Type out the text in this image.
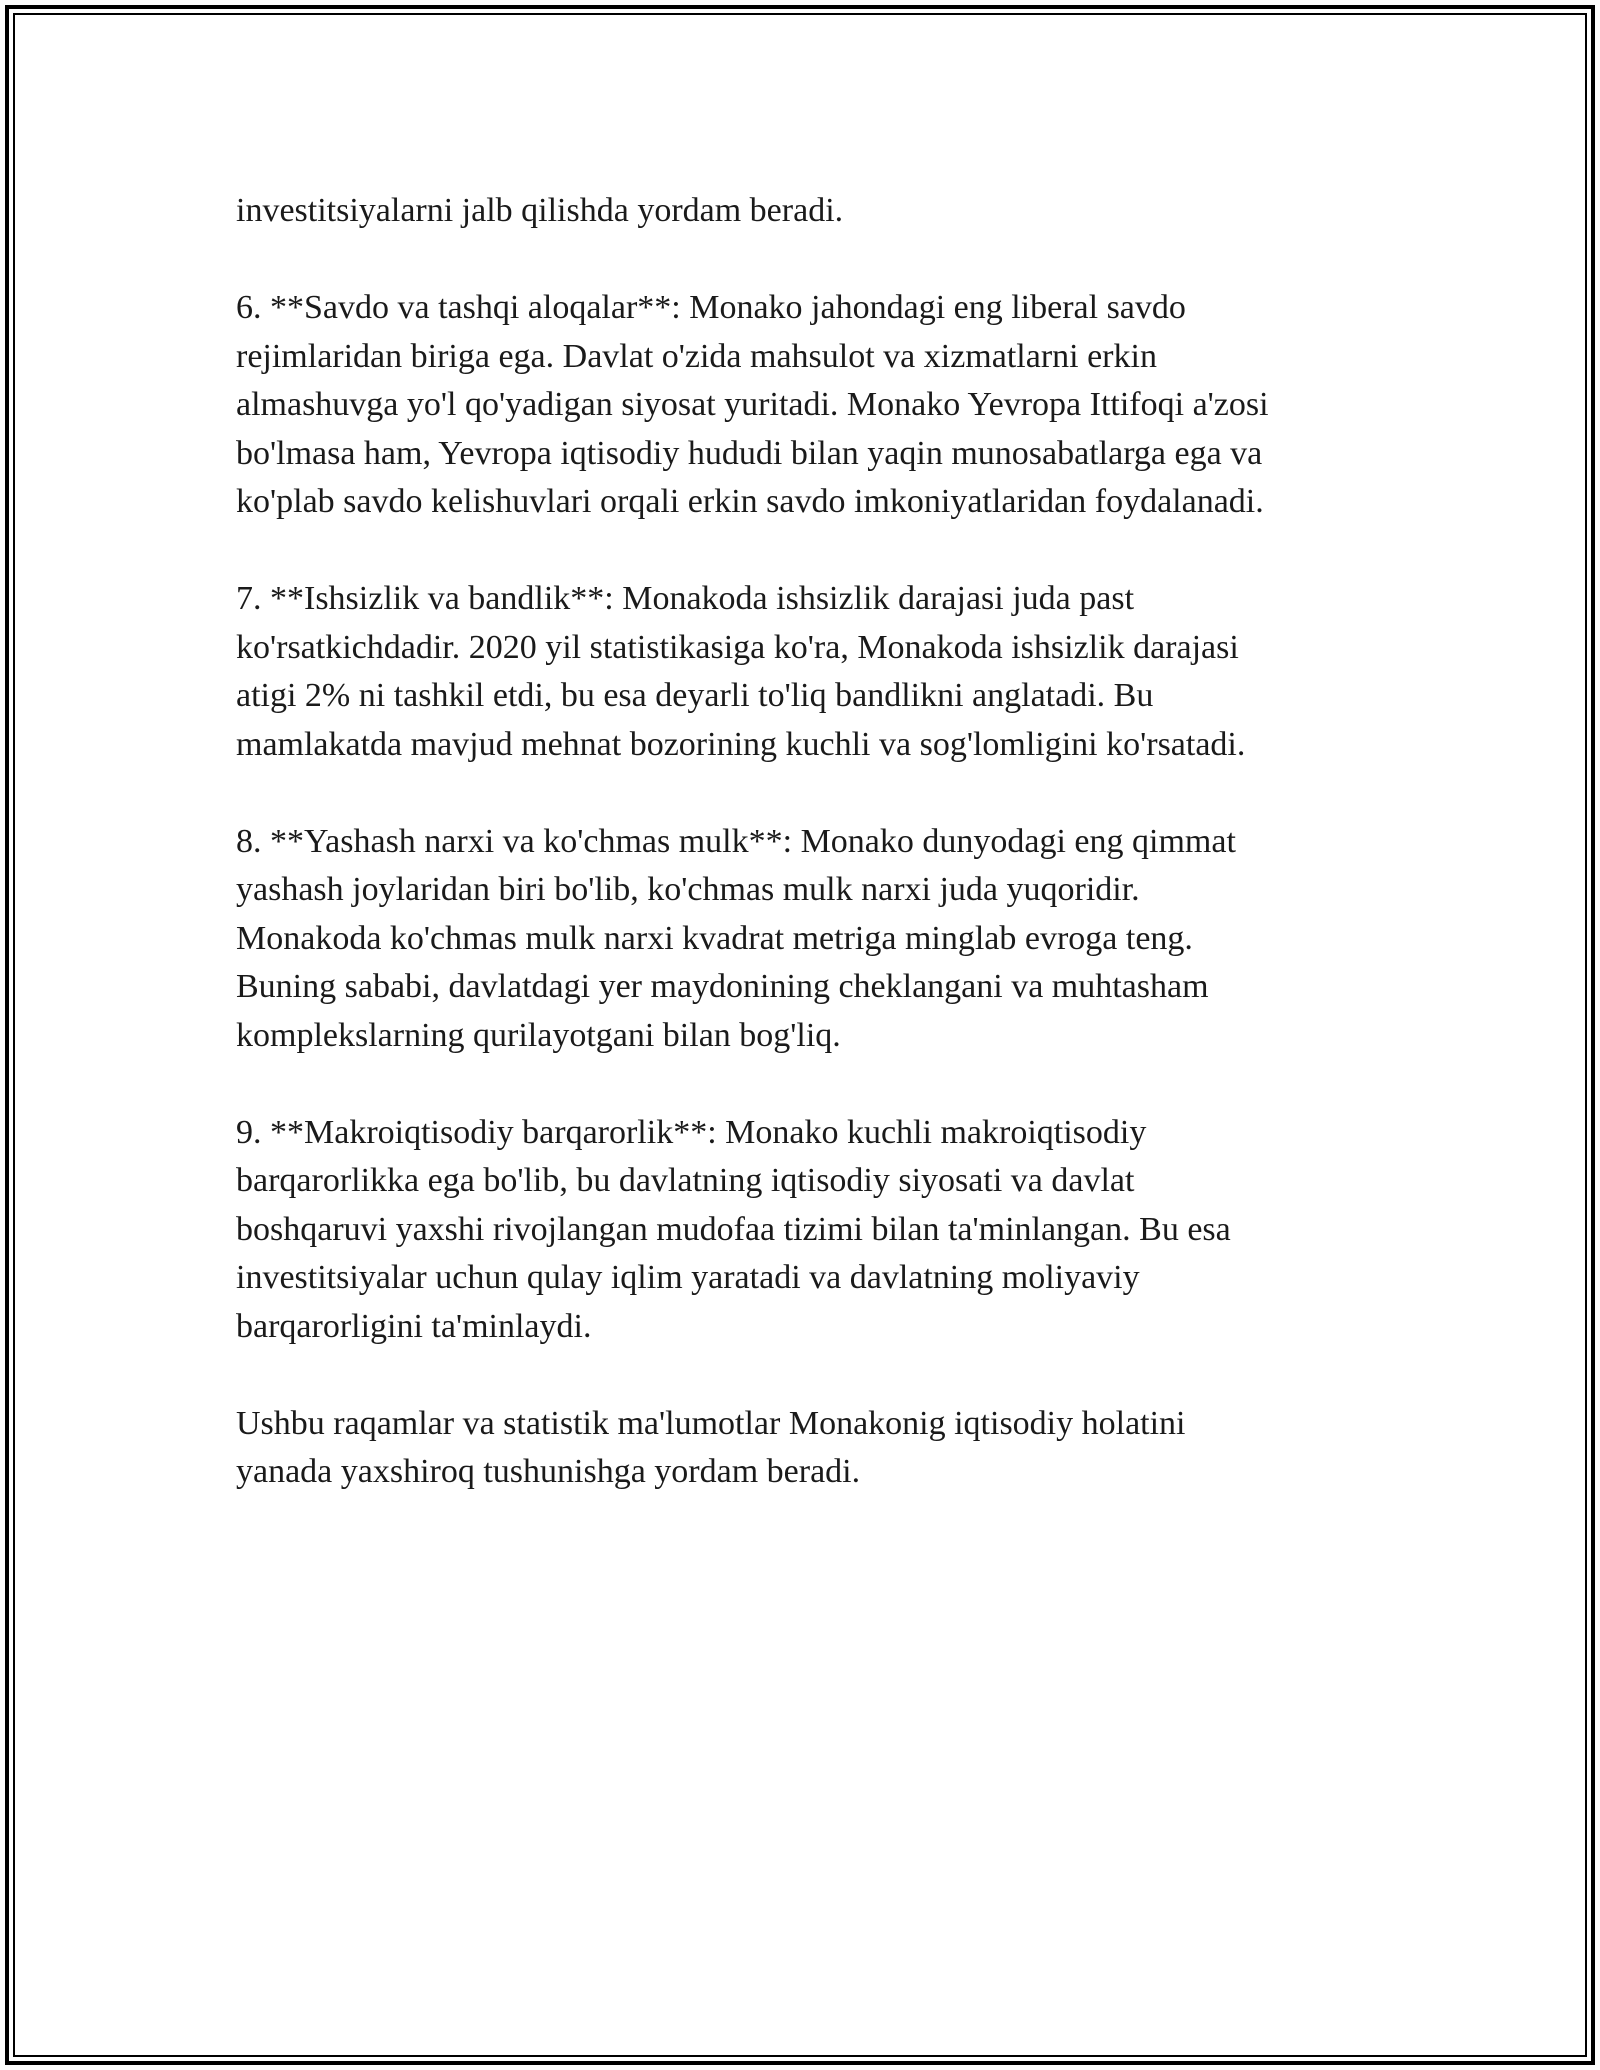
investitsiyalarni jalb qilishda yordam beradi.

6. **Savdo va tashqi aloqalar**: Monako jahondagi eng liberal savdo
rejimlaridan biriga ega. Davlat o'zida mahsulot va xizmatlarni erkin
almashuvga yo'l qo'yadigan siyosat yuritadi. Monako Yevropa Ittifoqi a'zosi
bo'lmasa ham, Yevropa iqtisodiy hududi bilan yaqin munosabatlarga ega va
ko'plab savdo kelishuvlari orqali erkin savdo imkoniyatlaridan foydalanadi.

7. **Ishsizlik va bandlik**: Monakoda ishsizlik darajasi juda past
ko'rsatkichdadir. 2020 yil statistikasiga ko'ra, Monakoda ishsizlik darajasi
atigi 2% ni tashkil etdi, bu esa deyarli to'liq bandlikni anglatadi. Bu
mamlakatda mavjud mehnat bozorining kuchli va sog'lomligini ko'rsatadi.

8. **Yashash narxi va ko'chmas mulk**: Monako dunyodagi eng qimmat
yashash joylaridan biri bo'lib, ko'chmas mulk narxi juda yuqoridir.
Monakoda ko'chmas mulk narxi kvadrat metriga minglab evroga teng.
Buning sababi, davlatdagi yer maydonining cheklangani va muhtasham
komplekslarning qurilayotgani bilan bog'liq.

9. **Makroiqtisodiy barqarorlik**: Monako kuchli makroiqtisodiy
barqarorlikka ega bo'lib, bu davlatning iqtisodiy siyosati va davlat
boshqaruvi yaxshi rivojlangan mudofaa tizimi bilan ta'minlangan. Bu esa
investitsiyalar uchun qulay iqlim yaratadi va davlatning moliyaviy
barqarorligini ta'minlaydi.

Ushbu raqamlar va statistik ma'lumotlar Monakonig iqtisodiy holatini
yanada yaxshiroq tushunishga yordam beradi.
